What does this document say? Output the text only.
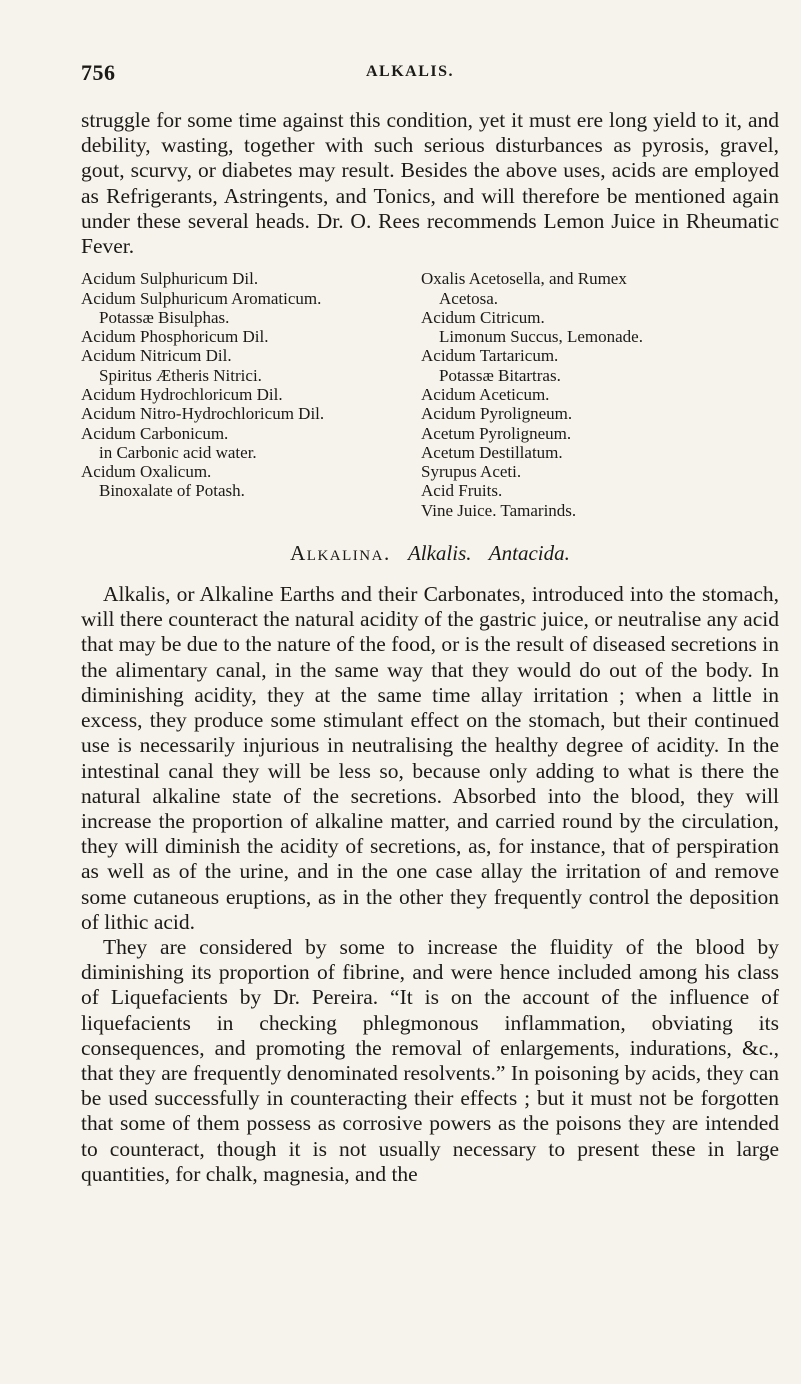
756	ALKALIS.

struggle for some time against this condition, yet it must ere long yield to it, and debility, wasting, together with such serious disturbances as pyrosis, gravel, gout, scurvy, or diabetes may result. Besides the above uses, acids are employed as Refrigerants, Astringents, and Tonics, and will therefore be mentioned again under these several heads. Dr. O. Rees recommends Lemon Juice in Rheumatic Fever.

Acidum Sulphuricum Dil.
Acidum Sulphuricum Aromaticum.
Potassæ Bisulphas.
Acidum Phosphoricum Dil.
Acidum Nitricum Dil.
Spiritus Ætheris Nitrici.
Acidum Hydrochloricum Dil.
Acidum Nitro-Hydrochloricum Dil.
Acidum Carbonicum.
in Carbonic acid water.
Acidum Oxalicum.
Binoxalate of Potash.
Oxalis Acetosella, and Rumex
Acetosa.
Acidum Citricum.
Limonum Succus, Lemonade.
Acidum Tartaricum.
Potassæ Bitartras.
Acidum Aceticum.
Acidum Pyroligneum.
Acetum Pyroligneum.
Acetum Destillatum.
Syrupus Aceti.
Acid Fruits.
Vine Juice. Tamarinds.
Alkalina. Alkalis. Antacida.

Alkalis, or Alkaline Earths and their Carbonates, introduced into the stomach, will there counteract the natural acidity of the gastric juice, or neutralise any acid that may be due to the nature of the food, or is the result of diseased secretions in the alimentary canal, in the same way that they would do out of the body. In diminishing acidity, they at the same time allay irritation ; when a little in excess, they produce some stimulant effect on the stomach, but their continued use is necessarily injurious in neutralising the healthy degree of acidity. In the intestinal canal they will be less so, because only adding to what is there the natural alkaline state of the secretions. Absorbed into the blood, they will increase the proportion of alkaline matter, and carried round by the circulation, they will diminish the acidity of secretions, as, for instance, that of perspiration as well as of the urine, and in the one case allay the irritation of and remove some cutaneous eruptions, as in the other they frequently control the deposition of lithic acid.

They are considered by some to increase the fluidity of the blood by diminishing its proportion of fibrine, and were hence included among his class of Liquefacients by Dr. Pereira. “It is on the account of the influence of liquefacients in checking phlegmonous inflammation, obviating its consequences, and promoting the removal of enlargements, indurations, &c., that they are frequently denominated resolvents.” In poisoning by acids, they can be used successfully in counteracting their effects ; but it must not be forgotten that some of them possess as corrosive powers as the poisons they are intended to counteract, though it is not usually necessary to present these in large quantities, for chalk, magnesia, and the
